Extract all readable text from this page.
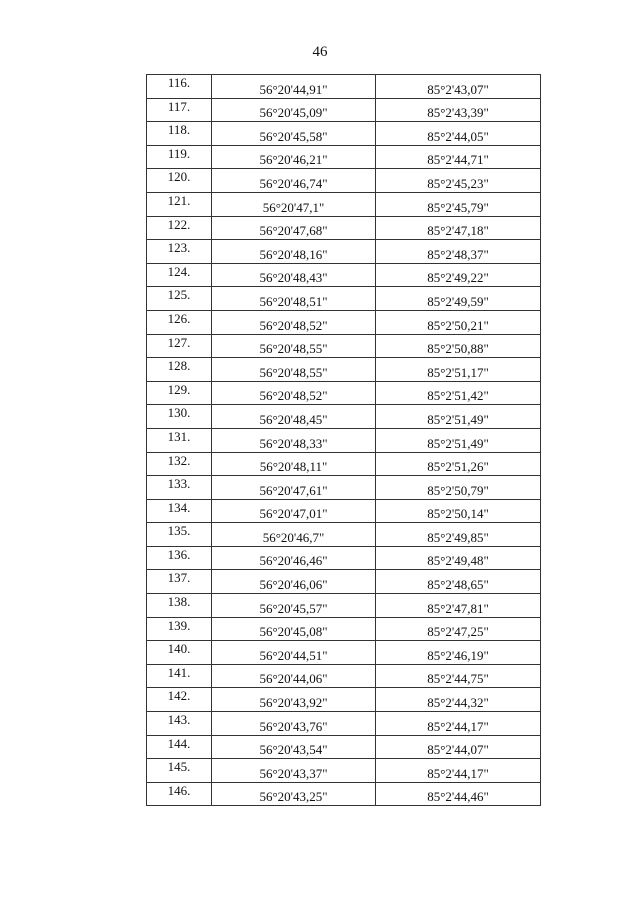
46
116.	56°20'44,91"	85°2'43,07"
117.	56°20'45,09"	85°2'43,39"
118.	56°20'45,58"	85°2'44,05"
119.	56°20'46,21"	85°2'44,71"
120.	56°20'46,74"	85°2'45,23"
121.	56°20'47,1"	85°2'45,79"
122.	56°20'47,68"	85°2'47,18"
123.	56°20'48,16"	85°2'48,37"
124.	56°20'48,43"	85°2'49,22"
125.	56°20'48,51"	85°2'49,59"
126.	56°20'48,52"	85°2'50,21"
127.	56°20'48,55"	85°2'50,88"
128.	56°20'48,55"	85°2'51,17"
129.	56°20'48,52"	85°2'51,42"
130.	56°20'48,45"	85°2'51,49"
131.	56°20'48,33"	85°2'51,49"
132.	56°20'48,11"	85°2'51,26"
133.	56°20'47,61"	85°2'50,79"
134.	56°20'47,01"	85°2'50,14"
135.	56°20'46,7"	85°2'49,85"
136.	56°20'46,46"	85°2'49,48"
137.	56°20'46,06"	85°2'48,65"
138.	56°20'45,57"	85°2'47,81"
139.	56°20'45,08"	85°2'47,25"
140.	56°20'44,51"	85°2'46,19"
141.	56°20'44,06"	85°2'44,75"
142.	56°20'43,92"	85°2'44,32"
143.	56°20'43,76"	85°2'44,17"
144.	56°20'43,54"	85°2'44,07"
145.	56°20'43,37"	85°2'44,17"
146.	56°20'43,25"	85°2'44,46"
